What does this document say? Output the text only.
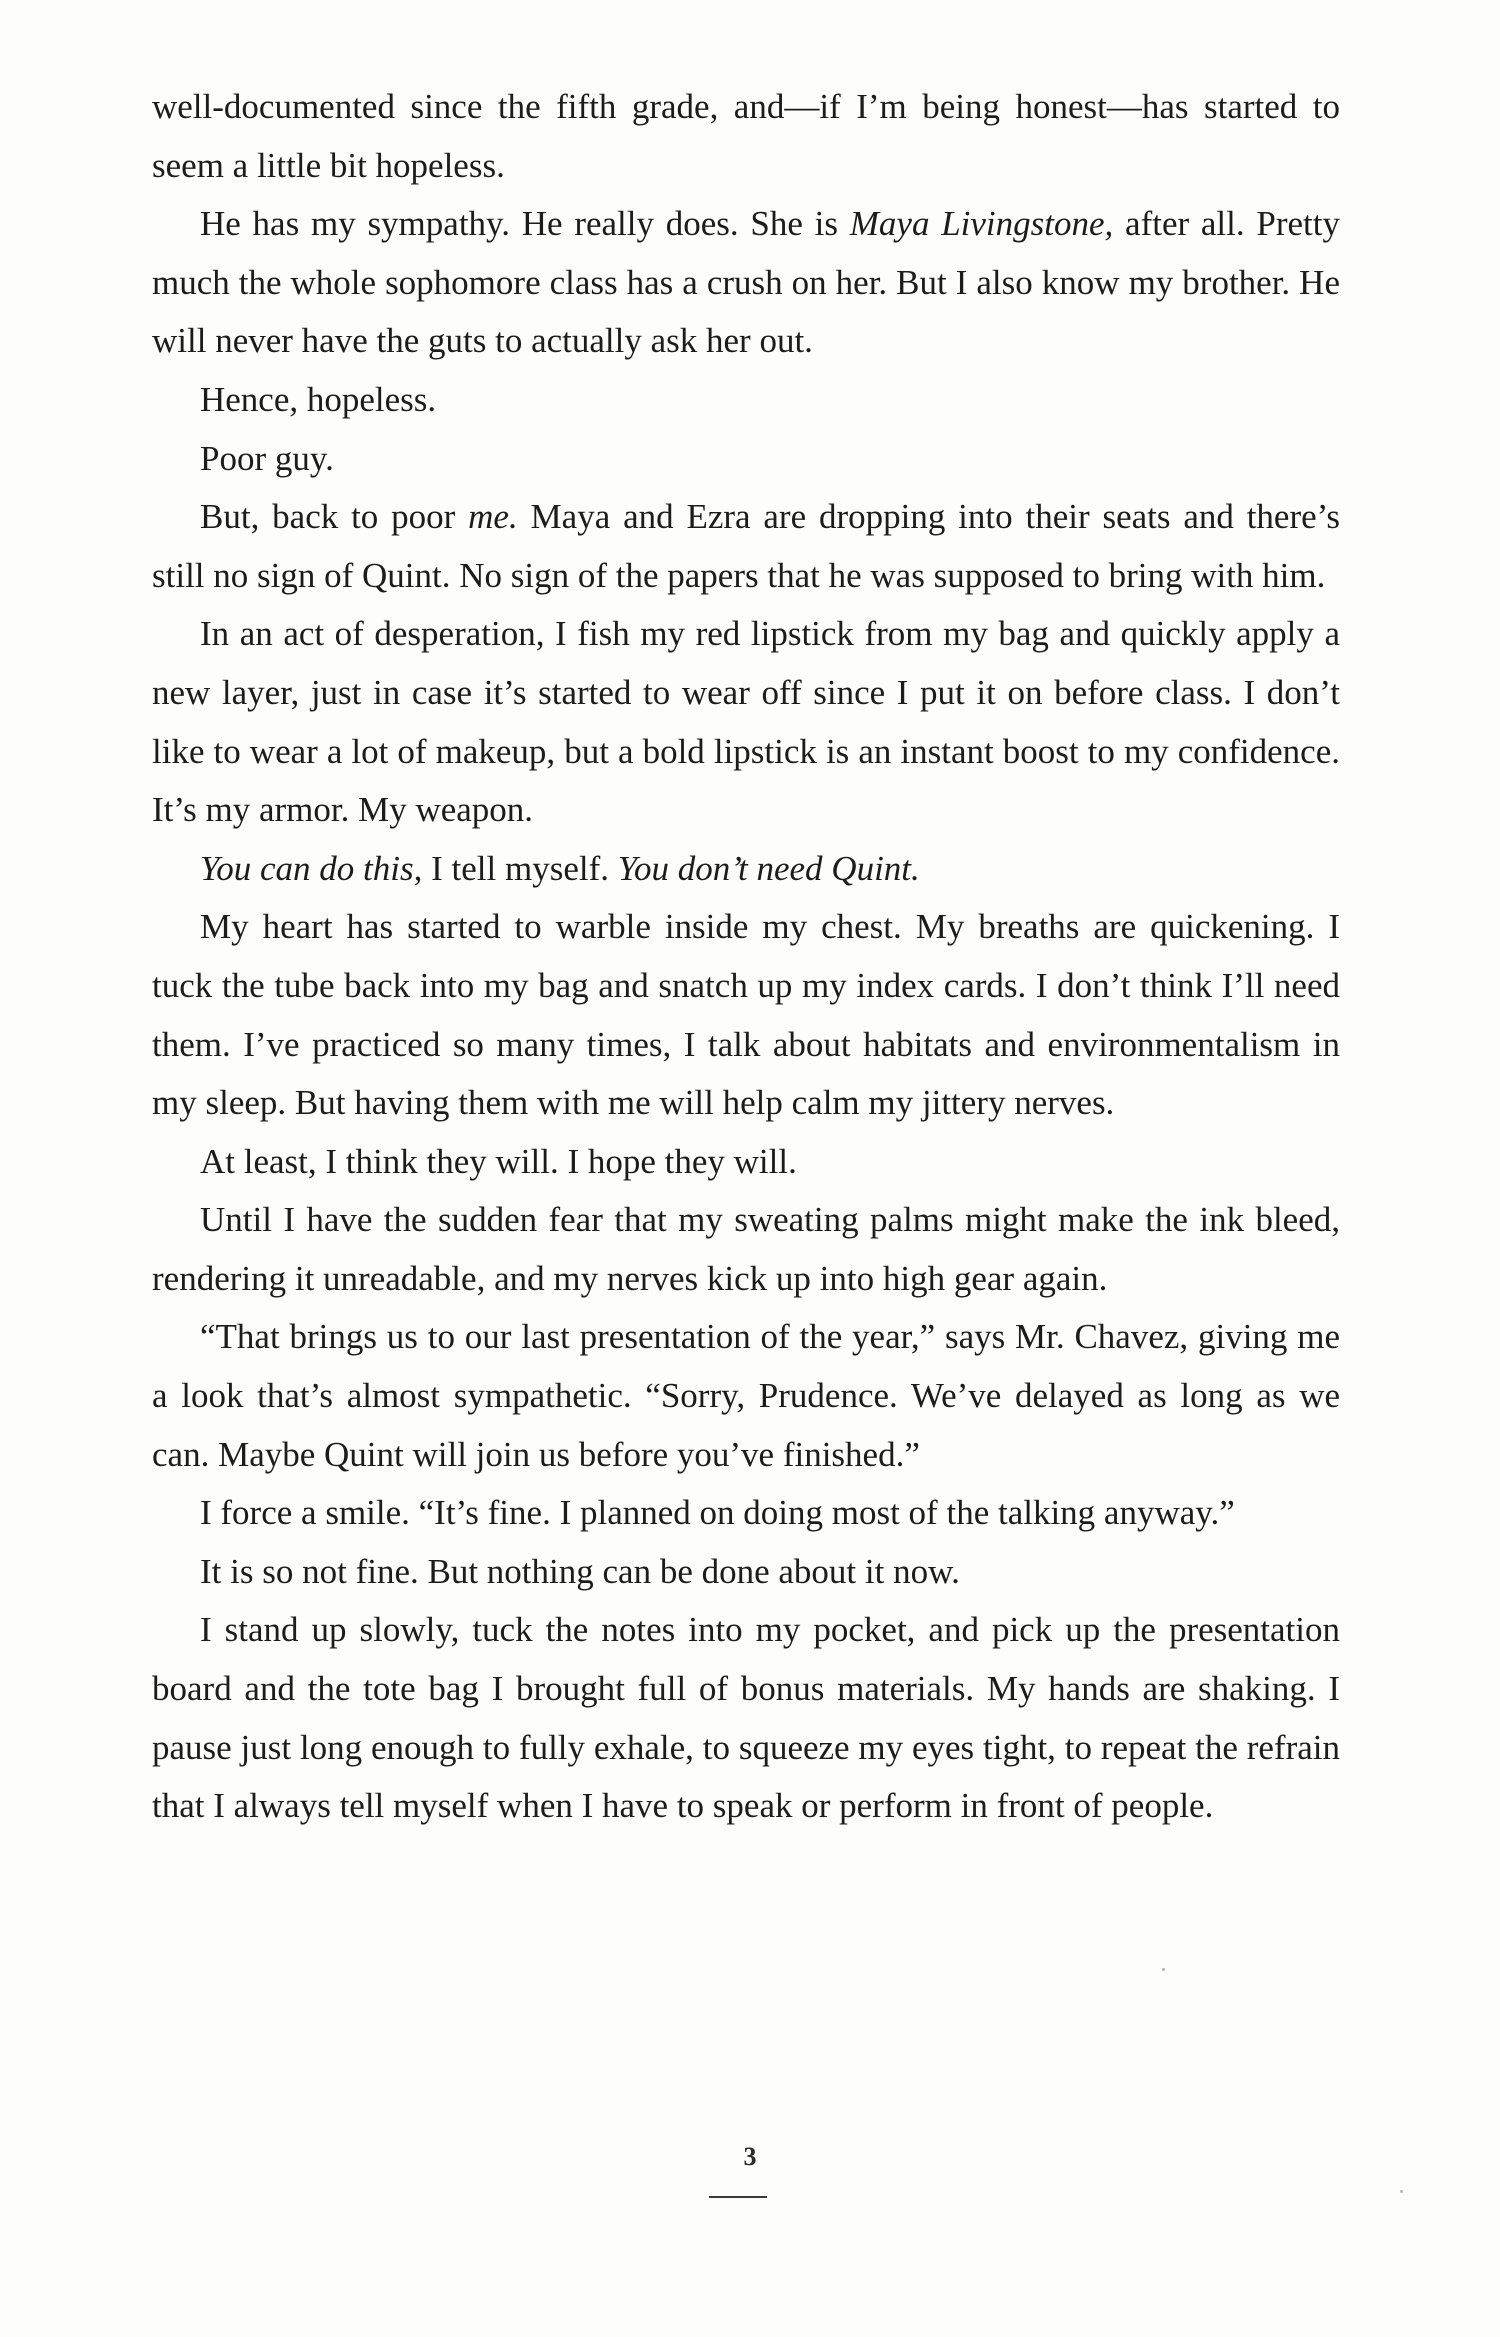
well-documented since the fifth grade, and—if I’m being honest—has started to seem a little bit hopeless.

He has my sympathy. He really does. She is Maya Livingstone, after all. Pretty much the whole sophomore class has a crush on her. But I also know my brother. He will never have the guts to actually ask her out.

Hence, hopeless.

Poor guy.

But, back to poor me. Maya and Ezra are dropping into their seats and there’s still no sign of Quint. No sign of the papers that he was supposed to bring with him.

In an act of desperation, I fish my red lipstick from my bag and quickly apply a new layer, just in case it’s started to wear off since I put it on before class. I don’t like to wear a lot of makeup, but a bold lipstick is an instant boost to my confidence. It’s my armor. My weapon.

You can do this, I tell myself. You don’t need Quint.

My heart has started to warble inside my chest. My breaths are quickening. I tuck the tube back into my bag and snatch up my index cards. I don’t think I’ll need them. I’ve practiced so many times, I talk about habitats and environmentalism in my sleep. But having them with me will help calm my jittery nerves.

At least, I think they will. I hope they will.

Until I have the sudden fear that my sweating palms might make the ink bleed, rendering it unreadable, and my nerves kick up into high gear again.

“That brings us to our last presentation of the year,” says Mr. Chavez, giving me a look that’s almost sympathetic. “Sorry, Prudence. We’ve delayed as long as we can. Maybe Quint will join us before you’ve finished.”

I force a smile. “It’s fine. I planned on doing most of the talking anyway.”

It is so not fine. But nothing can be done about it now.

I stand up slowly, tuck the notes into my pocket, and pick up the presentation board and the tote bag I brought full of bonus materials. My hands are shaking. I pause just long enough to fully exhale, to squeeze my eyes tight, to repeat the refrain that I always tell myself when I have to speak or perform in front of people.

3
